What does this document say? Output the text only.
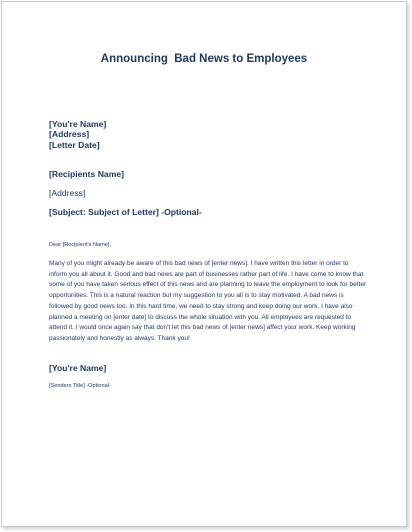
Announcing  Bad News to Employees
[You're Name]
[Address]
[Letter Date]
[Recipients Name]
[Address]
[Subject: Subject of Letter] -Optional-
Dear [Recipient's Name],

Many of you might already be aware of this bad news of [enter news]. I have written this letter in order to inform you all about it. Good and bad news are part of businesses rather part of life. I have come to know that some of you have taken serious effect of this news and are planning to leave the employment to look for better opportunities. This is a natural reaction but my suggestion to you all is to stay motivated. A bad news is followed by good news too. In this hard time, we need to stay strong and keep doing our work. I have also planned a meeting on [enter date] to discuss the whole situation with you. All employees are requested to attend it. I would once again say that don't let this bad news of [enter news] affect your work. Keep working passionately and honestly as always. Thank you!

[You're Name]
[Senders Title] -Optional-
